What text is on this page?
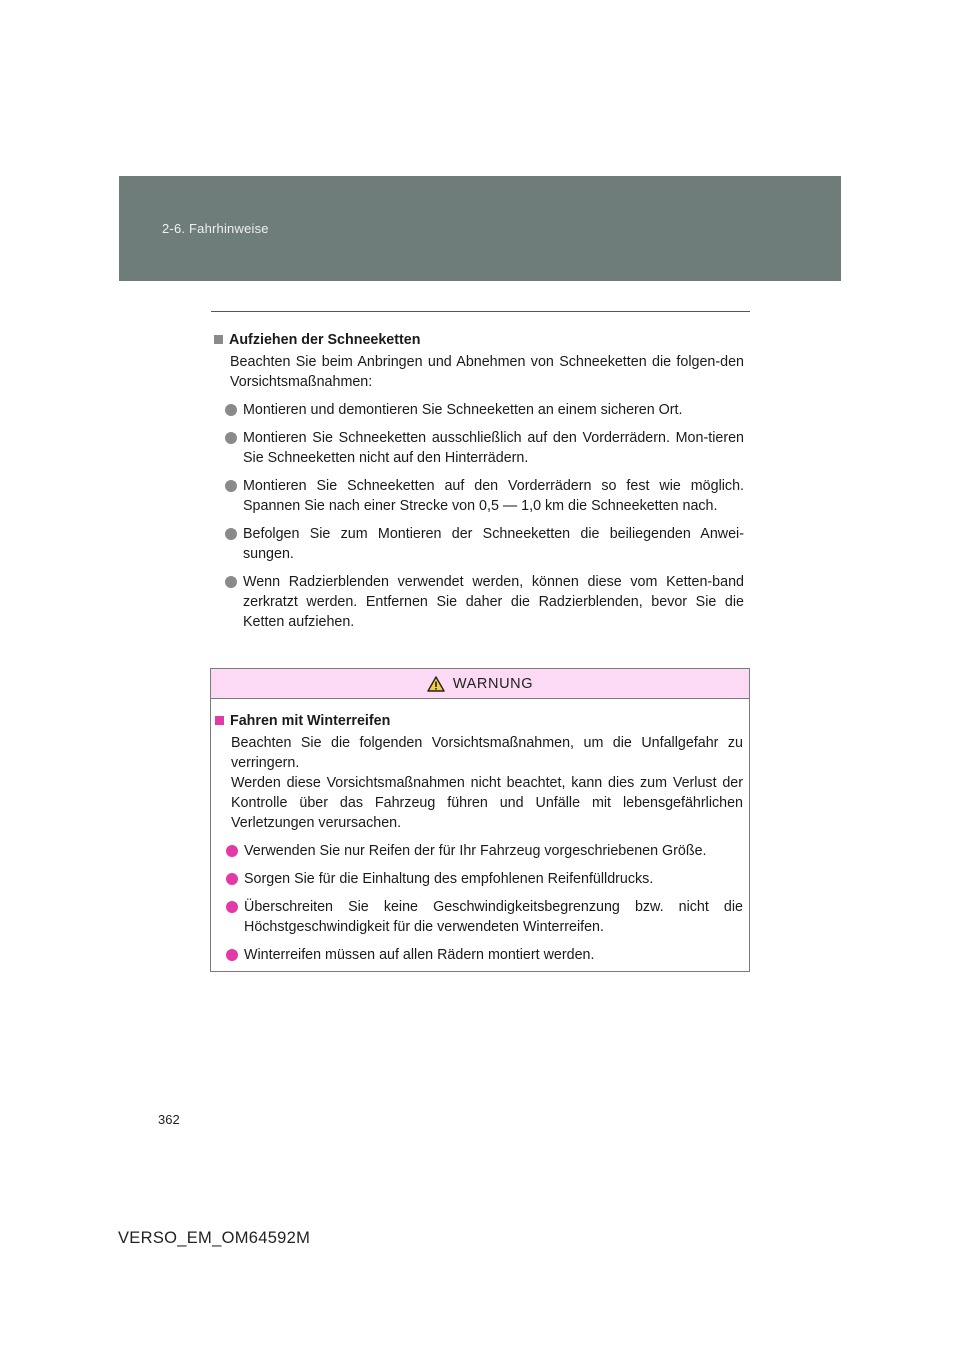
2-6. Fahrhinweise
Aufziehen der Schneeketten
Beachten Sie beim Anbringen und Abnehmen von Schneeketten die folgen-den Vorsichtsmaßnahmen:
Montieren und demontieren Sie Schneeketten an einem sicheren Ort.
Montieren Sie Schneeketten ausschließlich auf den Vorderrädern. Mon-tieren Sie Schneeketten nicht auf den Hinterrädern.
Montieren Sie Schneeketten auf den Vorderrädern so fest wie möglich. Spannen Sie nach einer Strecke von 0,5 — 1,0 km die Schneeketten nach.
Befolgen Sie zum Montieren der Schneeketten die beiliegenden Anwei-sungen.
Wenn Radzierblenden verwendet werden, können diese vom Ketten-band zerkratzt werden. Entfernen Sie daher die Radzierblenden, bevor Sie die Ketten aufziehen.
WARNUNG
Fahren mit Winterreifen
Beachten Sie die folgenden Vorsichtsmaßnahmen, um die Unfallgefahr zu verringern.
Werden diese Vorsichtsmaßnahmen nicht beachtet, kann dies zum Verlust der Kontrolle über das Fahrzeug führen und Unfälle mit lebensgefährlichen Verletzungen verursachen.
Verwenden Sie nur Reifen der für Ihr Fahrzeug vorgeschriebenen Größe.
Sorgen Sie für die Einhaltung des empfohlenen Reifenfülldrucks.
Überschreiten Sie keine Geschwindigkeitsbegrenzung bzw. nicht die Höchstgeschwindigkeit für die verwendeten Winterreifen.
Winterreifen müssen auf allen Rädern montiert werden.
362
VERSO_EM_OM64592M
